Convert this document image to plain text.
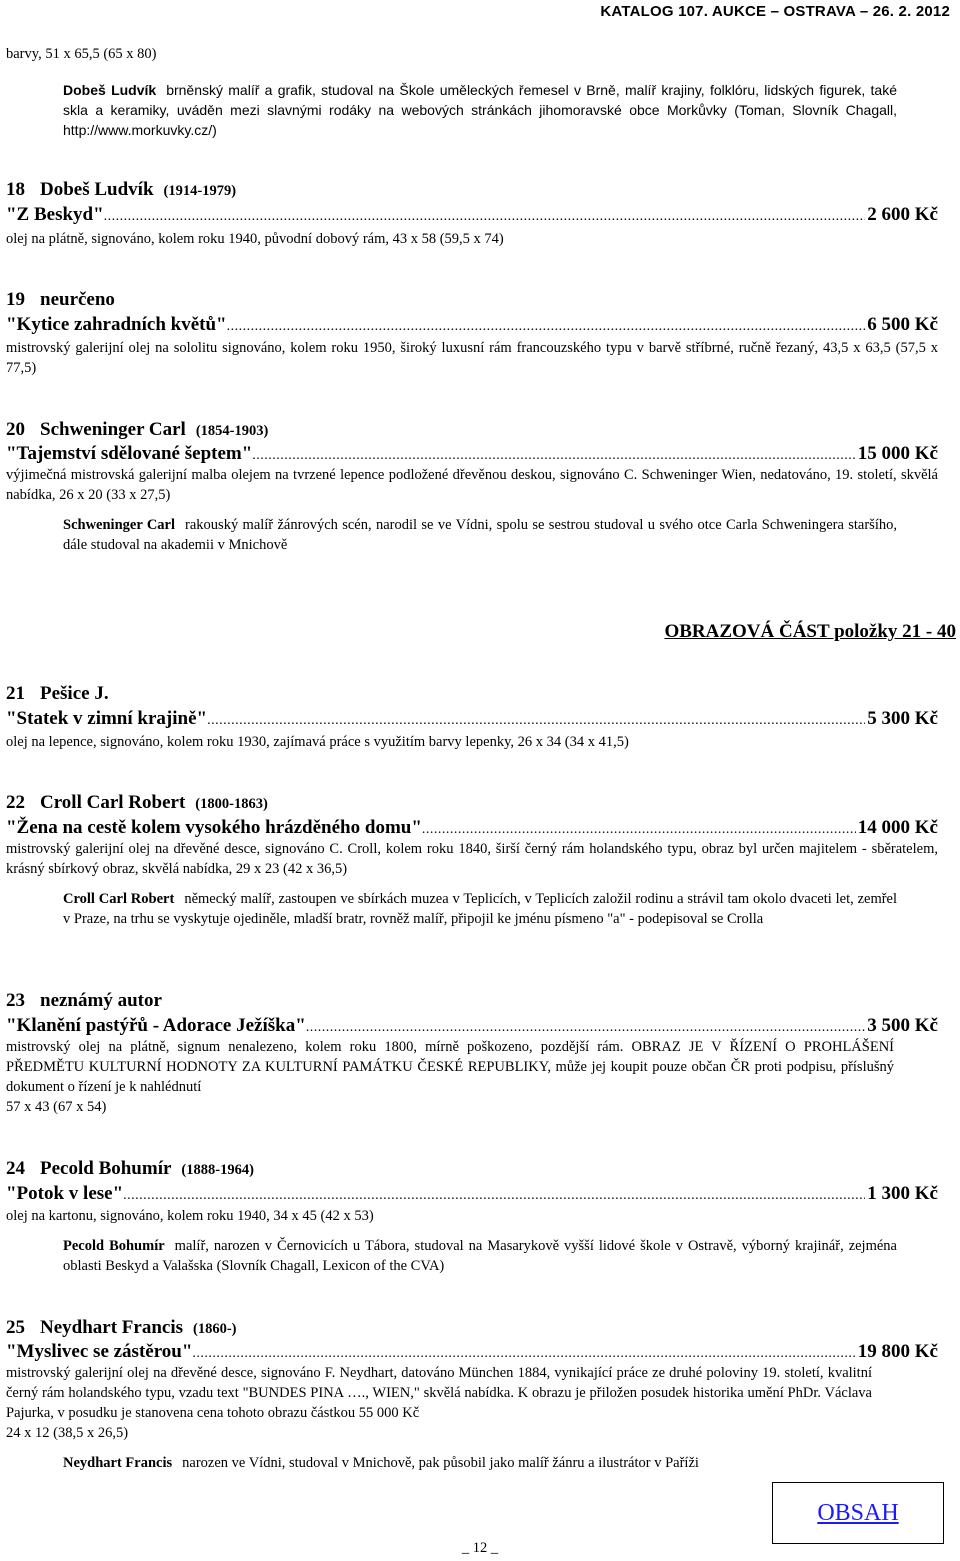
KATALOG 107. AUKCE – OSTRAVA – 26. 2. 2012
barvy, 51 x 65,5 (65 x 80)
Dobeš Ludvík brněnský malíř a grafik, studoval na Škole uměleckých řemesel v Brně, malíř krajiny, folklóru, lidských figurek, také skla a keramiky, uváděn mezi slavnými rodáky na webových stránkách jihomoravské obce Morkůvky (Toman, Slovník Chagall, http://www.morkuvky.cz/)
18 Dobeš Ludvík (1914-1979)
"Z Beskyd" .....	2 600 Kč
olej na plátně, signováno, kolem roku 1940, původní dobový rám, 43 x 58 (59,5 x 74)
19 neurčeno
"Kytice zahradních květů" .....	6 500 Kč
mistrovský galerijní olej na sololitu signováno, kolem roku 1950, široký luxusní rám francouzského typu v barvě stříbrné, ručně řezaný, 43,5 x 63,5 (57,5 x 77,5)
20 Schweninger Carl (1854-1903)
"Tajemství sdělované šeptem" .....	15 000 Kč
výjimečná mistrovská galerijní malba olejem na tvrzené lepence podložené dřevěnou deskou, signováno C. Schweninger Wien, nedatováno, 19. století, skvělá nabídka, 26 x 20 (33 x 27,5)
Schweninger Carl rakouský malíř žánrových scén, narodil se ve Vídni, spolu se sestrou studoval u svého otce Carla Schweningera staršího, dále studoval na akademii v Mnichově
OBRAZOVÁ ČÁST položky 21 - 40
21 Pešice J.
"Statek v zimní krajině" .....	5 300 Kč
olej na lepence, signováno, kolem roku 1930, zajímavá práce s využitím barvy lepenky, 26 x 34 (34 x 41,5)
22 Croll Carl Robert (1800-1863)
"Žena na cestě kolem vysokého hrázděného domu" .....	14 000 Kč
mistrovský galerijní olej na dřevěné desce, signováno C. Croll, kolem roku 1840, širší černý rám holandského typu, obraz byl určen majitelem - sběratelem, krásný sbírkový obraz, skvělá nabídka, 29 x 23 (42 x 36,5)
Croll Carl Robert německý malíř, zastoupen ve sbírkách muzea v Teplicích, v Teplicích založil rodinu a strávil tam okolo dvaceti let, zemřel v Praze, na trhu se vyskytuje ojediněle, mladší bratr, rovněž malíř, připojil ke jménu písmeno "a" - podepisoval se Crolla
23 neznámý autor
"Klanění pastýřů - Adorace Ježíška" .....	3 500 Kč
mistrovský olej na plátně, signum nenalezeno, kolem roku 1800, mírně poškozeno, pozdější rám. OBRAZ JE V ŘÍZENÍ O PROHLÁŠENÍ PŘEDMĚTU KULTURNÍ HODNOTY ZA KULTURNÍ PAMÁTKU ČESKÉ REPUBLIKY, může jej koupit pouze občan ČR proti podpisu, příslušný dokument o řízení je k nahlédnutí
57 x 43 (67 x 54)
24 Pecold Bohumír (1888-1964)
"Potok v lese" .....	1 300 Kč
olej na kartonu, signováno, kolem roku 1940, 34 x 45 (42 x 53)
Pecold Bohumír malíř, narozen v Černovicích u Tábora, studoval na Masarykově vyšší lidové škole v Ostravě, výborný krajinář, zejména oblasti Beskyd a Valašska (Slovník Chagall, Lexicon of the CVA)
25 Neydhart Francis (1860-)
"Myslivec se zástěrou" .....	19 800 Kč
mistrovský galerijní olej na dřevěné desce, signováno F. Neydhart, datováno München 1884, vynikající práce ze druhé poloviny 19. století, kvalitní černý rám holandského typu, vzadu text "BUNDES PINA …., WIEN," skvělá nabídka. K obrazu je přiložen posudek historika umění PhDr. Václava Pajurka, v posudku je stanovena cena tohoto obrazu částkou 55 000 Kč
24 x 12 (38,5 x 26,5)
Neydhart Francis narozen ve Vídni, studoval v Mnichově, pak působil jako malíř žánru a ilustrátor v Paříži
OBSAH
_ 12 _
